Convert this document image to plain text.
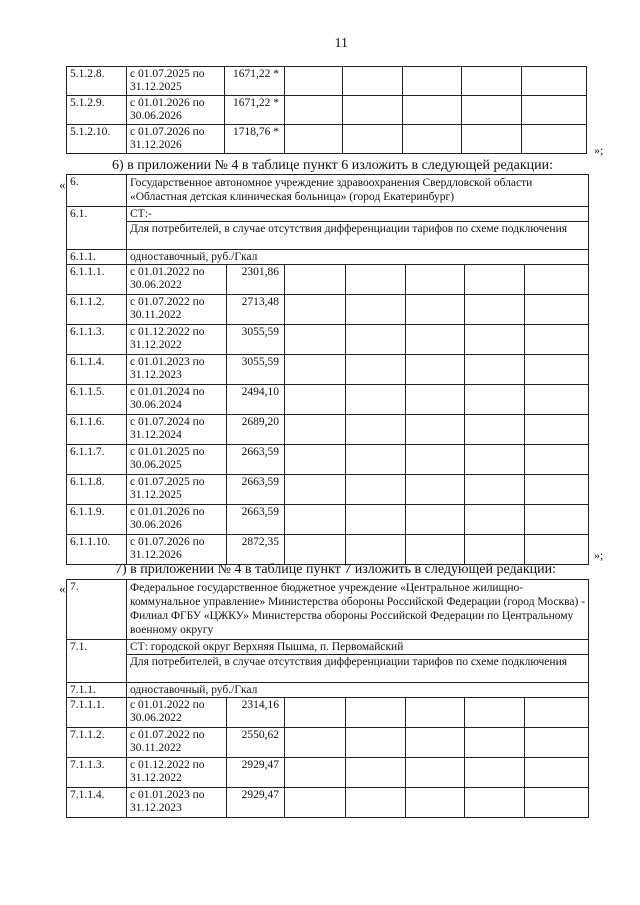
11
5.1.2.8.	с 01.07.2025 по 31.12.2025	1671,22 *					
5.1.2.9.	с 01.01.2026 по 30.06.2026	1671,22 *					
5.1.2.10.	с 01.07.2026 по 31.12.2026	1718,76 *					
»;
6) в приложении № 4 в таблице пункт 6 изложить в следующей редакции:
« 6.	Государственное автономное учреждение здравоохранения Свердловской области «Областная детская клиническая больница» (город Екатеринбург)						
6.1.	СТ:-						
	Для потребителей, в случае отсутствия дифференциации тарифов по схеме подключения						
6.1.1.	одноставочный, руб./Гкал						
6.1.1.1.	с 01.01.2022 по 30.06.2022	2301,86					
6.1.1.2.	с 01.07.2022 по 30.11.2022	2713,48					
6.1.1.3.	с 01.12.2022 по 31.12.2022	3055,59					
6.1.1.4.	с 01.01.2023 по 31.12.2023	3055,59					
6.1.1.5.	с 01.01.2024 по 30.06.2024	2494,10					
6.1.1.6.	с 01.07.2024 по 31.12.2024	2689,20					
6.1.1.7.	с 01.01.2025 по 30.06.2025	2663,59					
6.1.1.8.	с 01.07.2025 по 31.12.2025	2663,59					
6.1.1.9.	с 01.01.2026 по 30.06.2026	2663,59					
6.1.1.10.	с 01.07.2026 по 31.12.2026	2872,35					
»;
7) в приложении № 4 в таблице пункт 7 изложить в следующей редакции:
« 7.	Федеральное государственное бюджетное учреждение «Центральное жилищно-коммунальное управление» Министерства обороны Российской Федерации (город Москва) - Филиал ФГБУ «ЦЖКУ» Министерства обороны Российской Федерации по Центральному военному округу						
7.1.	СТ: городской округ Верхняя Пышма, п. Первомайский						
	Для потребителей, в случае отсутствия дифференциации тарифов по схеме подключения						
7.1.1.	одноставочный, руб./Гкал						
7.1.1.1.	с 01.01.2022 по 30.06.2022	2314,16					
7.1.1.2.	с 01.07.2022 по 30.11.2022	2550,62					
7.1.1.3.	с 01.12.2022 по 31.12.2022	2929,47					
7.1.1.4.	с 01.01.2023 по 31.12.2023	2929,47					
